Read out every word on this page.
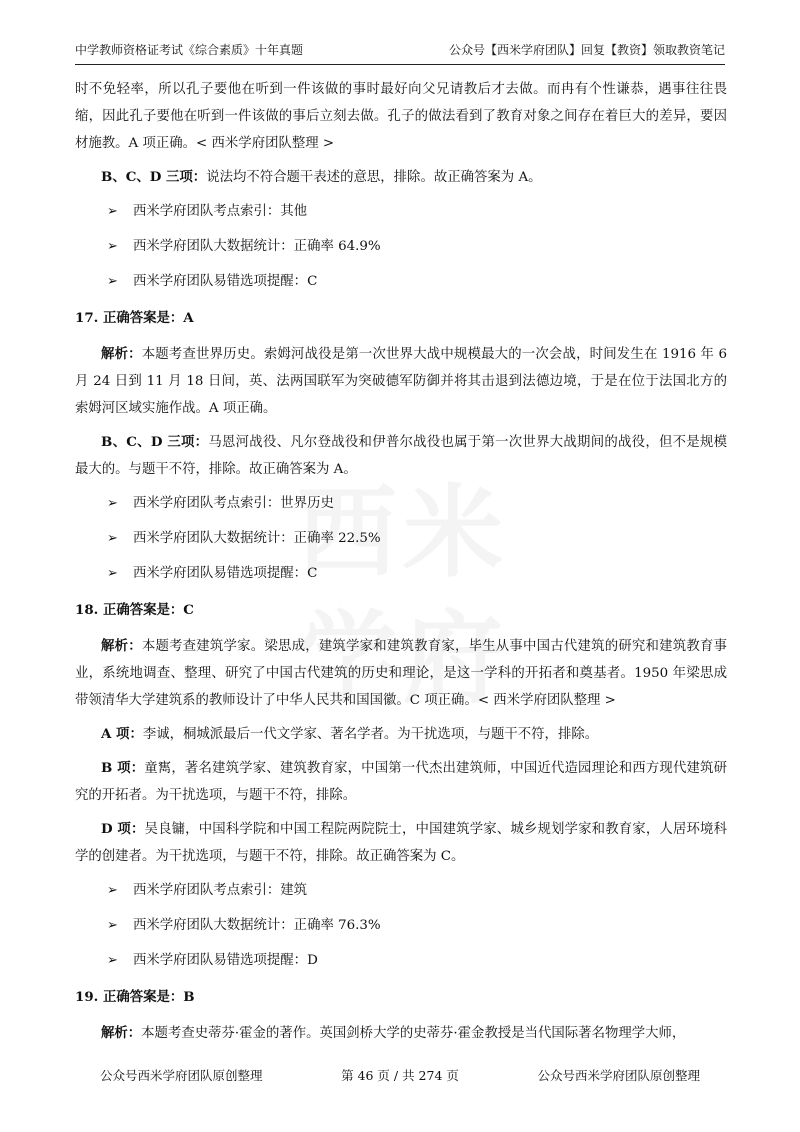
中学教师资格证考试《综合素质》十年真题	公众号【西米学府团队】回复【教资】领取教资笔记

时不免轻率，所以孔子要他在听到一件该做的事时最好向父兄请教后才去做。而冉有个性谦恭，遇事往往畏缩，因此孔子要他在听到一件该做的事后立刻去做。孔子的做法看到了教育对象之间存在着巨大的差异，要因材施教。A 项正确。< 西米学府团队整理 >

B、C、D 三项：说法均不符合题干表述的意思，排除。故正确答案为 A。

➢	西米学府团队考点索引：其他
➢	西米学府团队大数据统计：正确率 64.9%
➢	西米学府团队易错选项提醒：C

17. 正确答案是：A

解析：本题考查世界历史。索姆河战役是第一次世界大战中规模最大的一次会战，时间发生在 1916 年 6 月 24 日到 11 月 18 日间，英、法两国联军为突破德军防御并将其击退到法德边境，于是在位于法国北方的索姆河区域实施作战。A 项正确。

B、C、D 三项：马恩河战役、凡尔登战役和伊普尔战役也属于第一次世界大战期间的战役，但不是规模最大的。与题干不符，排除。故正确答案为 A。

➢	西米学府团队考点索引：世界历史
➢	西米学府团队大数据统计：正确率 22.5%
➢	西米学府团队易错选项提醒：C

18. 正确答案是：C

解析：本题考查建筑学家。梁思成，建筑学家和建筑教育家，毕生从事中国古代建筑的研究和建筑教育事业，系统地调查、整理、研究了中国古代建筑的历史和理论，是这一学科的开拓者和奠基者。1950 年梁思成带领清华大学建筑系的教师设计了中华人民共和国国徽。C 项正确。< 西米学府团队整理 >

A 项：李诚，桐城派最后一代文学家、著名学者。为干扰选项，与题干不符，排除。

B 项：童寯，著名建筑学家、建筑教育家，中国第一代杰出建筑师，中国近代造园理论和西方现代建筑研究的开拓者。为干扰选项，与题干不符，排除。

D 项：吴良镛，中国科学院和中国工程院两院院士，中国建筑学家、城乡规划学家和教育家，人居环境科学的创建者。为干扰选项，与题干不符，排除。故正确答案为 C。

➢	西米学府团队考点索引：建筑
➢	西米学府团队大数据统计：正确率 76.3%
➢	西米学府团队易错选项提醒：D

19. 正确答案是：B

解析：本题考查史蒂芬·霍金的著作。英国剑桥大学的史蒂芬·霍金教授是当代国际著名物理学大师，

公众号西米学府团队原创整理	第 46 页 / 共 274 页	公众号西米学府团队原创整理
